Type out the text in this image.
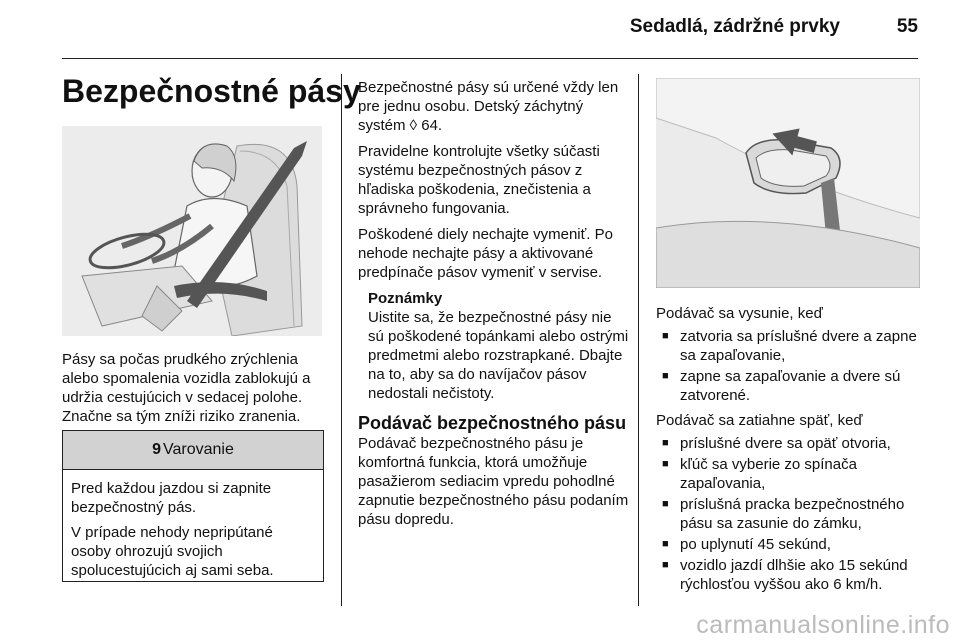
Sedadlá, zádržné prvky	55
Bezpečnostné pásy

Pásy sa počas prudkého zrýchlenia alebo spomalenia vozidla zablokujú a udržia cestujúcich v sedacej polohe. Značne sa tým zníži riziko zranenia.

9 Varovanie

Pred každou jazdou si zapnite bezpečnostný pás.

V prípade nehody nepripútané osoby ohrozujú svojich spolucestujúcich aj sami seba.

Bezpečnostné pásy sú určené vždy len pre jednu osobu. Detský záchytný systém ◊ 64.

Pravidelne kontrolujte všetky súčasti systému bezpečnostných pásov z hľadiska poškodenia, znečistenia a správneho fungovania.

Poškodené diely nechajte vymeniť. Po nehode nechajte pásy a aktivované predpínače pásov vymeniť v servise.

Poznámky
Uistite sa, že bezpečnostné pásy nie sú poškodené topánkami alebo ostrými predmetmi alebo rozstrapkané. Dbajte na to, aby sa do navíjačov pásov nedostali nečistoty.
Podávač bezpečnostného pásu

Podávač bezpečnostného pásu je komfortná funkcia, ktorá umožňuje pasažierom sediacim vpredu pohodlné zapnutie bezpečnostného pásu podaním pásu dopredu.

Podávač sa vysunie, keď

■ zatvoria sa príslušné dvere a zapne sa zapaľovanie,
■ zapne sa zapaľovanie a dvere sú zatvorené.

Podávač sa zatiahne späť, keď

■ príslušné dvere sa opäť otvoria,
■ kľúč sa vyberie zo spínača zapaľovania,
■ príslušná pracka bezpečnostného pásu sa zasunie do zámku,
■ po uplynutí 45 sekúnd,
■ vozidlo jazdí dlhšie ako 15 sekúnd rýchlosťou vyššou ako 6 km/h.
carmanualsonline.info
